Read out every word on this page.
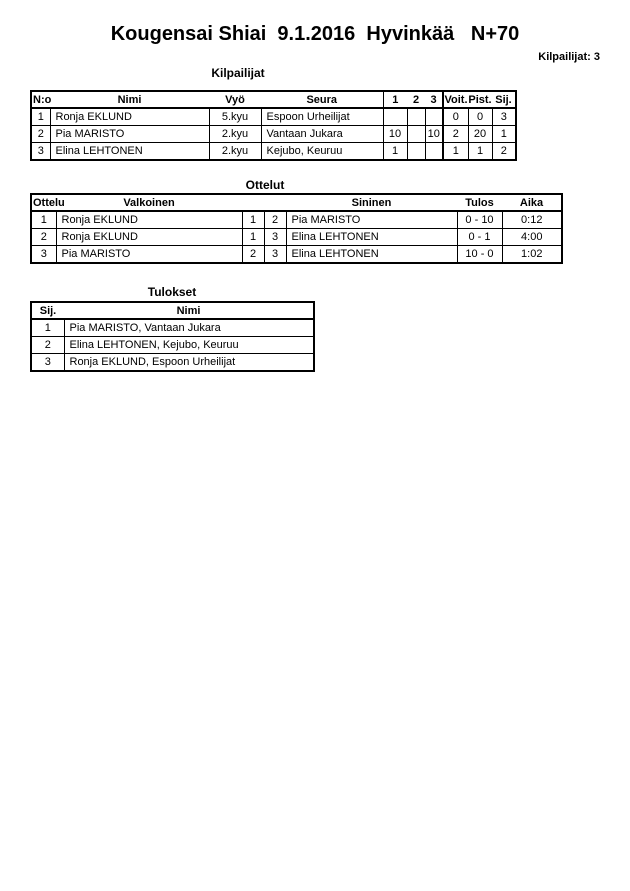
Kougensai Shiai  9.1.2016  Hyvinkää   N+70
Kilpailijat: 3
Kilpailijat
N:o	Nimi	Vyö	Seura	1	2	3	Voit.	Pist.	Sij.
1	Ronja EKLUND	5.kyu	Espoon Urheilijat				0	0	3
2	Pia MARISTO	2.kyu	Vantaan Jukara	10		10	2	20	1
3	Elina LEHTONEN	2.kyu	Kejubo, Keuruu	1			1	1	2
Ottelut
Ottelu	Valkoinen			Sininen	Tulos	Aika
1	Ronja EKLUND	1	2	Pia MARISTO	0 - 10	0:12
2	Ronja EKLUND	1	3	Elina LEHTONEN	0 - 1	4:00
3	Pia MARISTO	2	3	Elina LEHTONEN	10 - 0	1:02
Tulokset
Sij.	Nimi
1	Pia MARISTO, Vantaan Jukara
2	Elina LEHTONEN, Kejubo, Keuruu
3	Ronja EKLUND, Espoon Urheilijat
